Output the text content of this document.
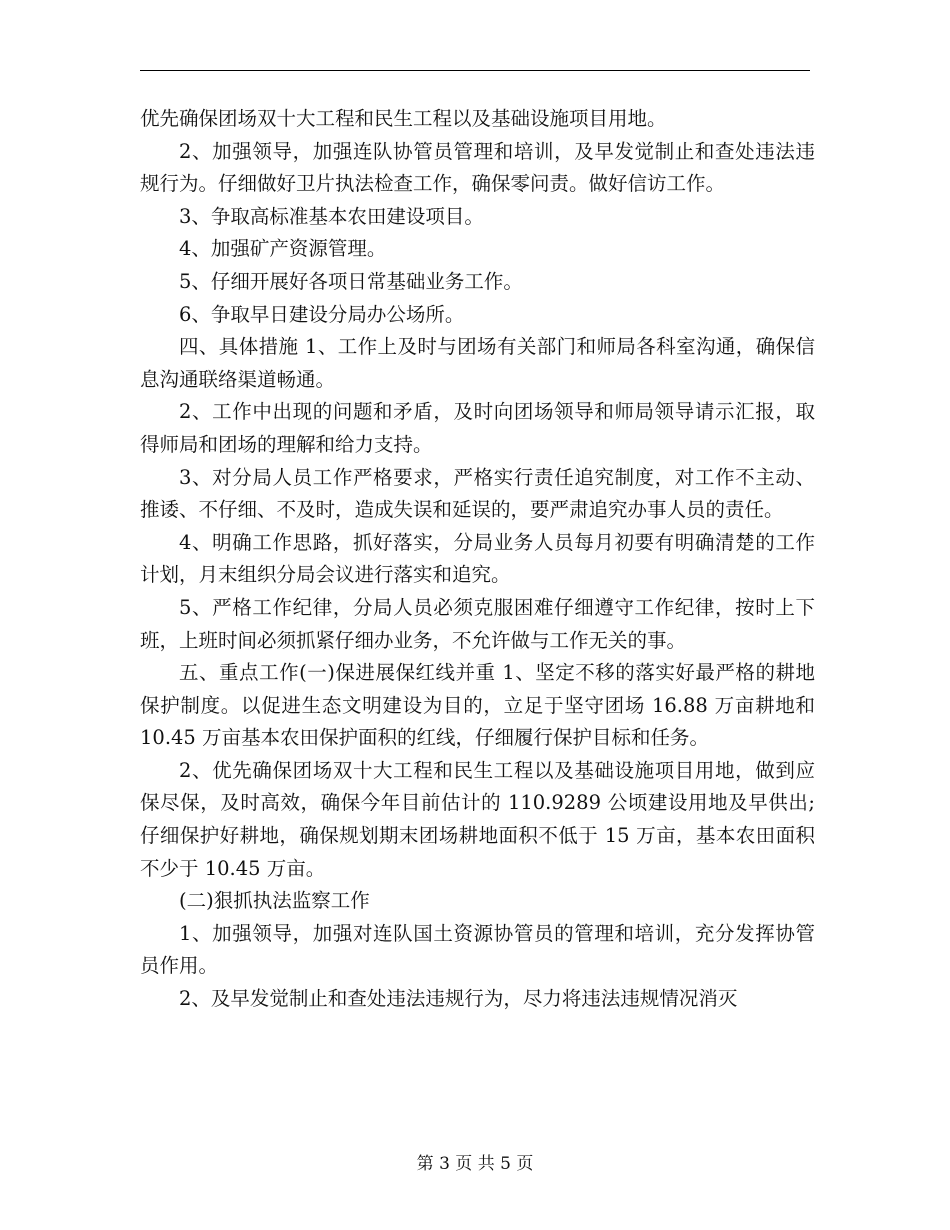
优先确保团场双十大工程和民生工程以及基础设施项目用地。

2、加强领导，加强连队协管员管理和培训，及早发觉制止和查处违法违规行为。仔细做好卫片执法检查工作，确保零问责。做好信访工作。

3、争取高标准基本农田建设项目。

4、加强矿产资源管理。

5、仔细开展好各项日常基础业务工作。

6、争取早日建设分局办公场所。

四、具体措施 1、工作上及时与团场有关部门和师局各科室沟通，确保信息沟通联络渠道畅通。

2、工作中出现的问题和矛盾，及时向团场领导和师局领导请示汇报，取得师局和团场的理解和给力支持。

3、对分局人员工作严格要求，严格实行责任追究制度，对工作不主动、推诿、不仔细、不及时，造成失误和延误的，要严肃追究办事人员的责任。

4、明确工作思路，抓好落实，分局业务人员每月初要有明确清楚的工作计划，月末组织分局会议进行落实和追究。

5、严格工作纪律，分局人员必须克服困难仔细遵守工作纪律，按时上下班，上班时间必须抓紧仔细办业务，不允许做与工作无关的事。

五、重点工作(一)保进展保红线并重 1、坚定不移的落实好最严格的耕地保护制度。以促进生态文明建设为目的，立足于坚守团场 16.88 万亩耕地和 10.45 万亩基本农田保护面积的红线，仔细履行保护目标和任务。

2、优先确保团场双十大工程和民生工程以及基础设施项目用地，做到应保尽保，及时高效，确保今年目前估计的 110.9289 公顷建设用地及早供出;仔细保护好耕地，确保规划期末团场耕地面积不低于 15 万亩，基本农田面积不少于 10.45 万亩。

(二)狠抓执法监察工作

1、加强领导，加强对连队国土资源协管员的管理和培训，充分发挥协管员作用。

2、及早发觉制止和查处违法违规行为，尽力将违法违规情况消灭

第 3 页 共 5 页
